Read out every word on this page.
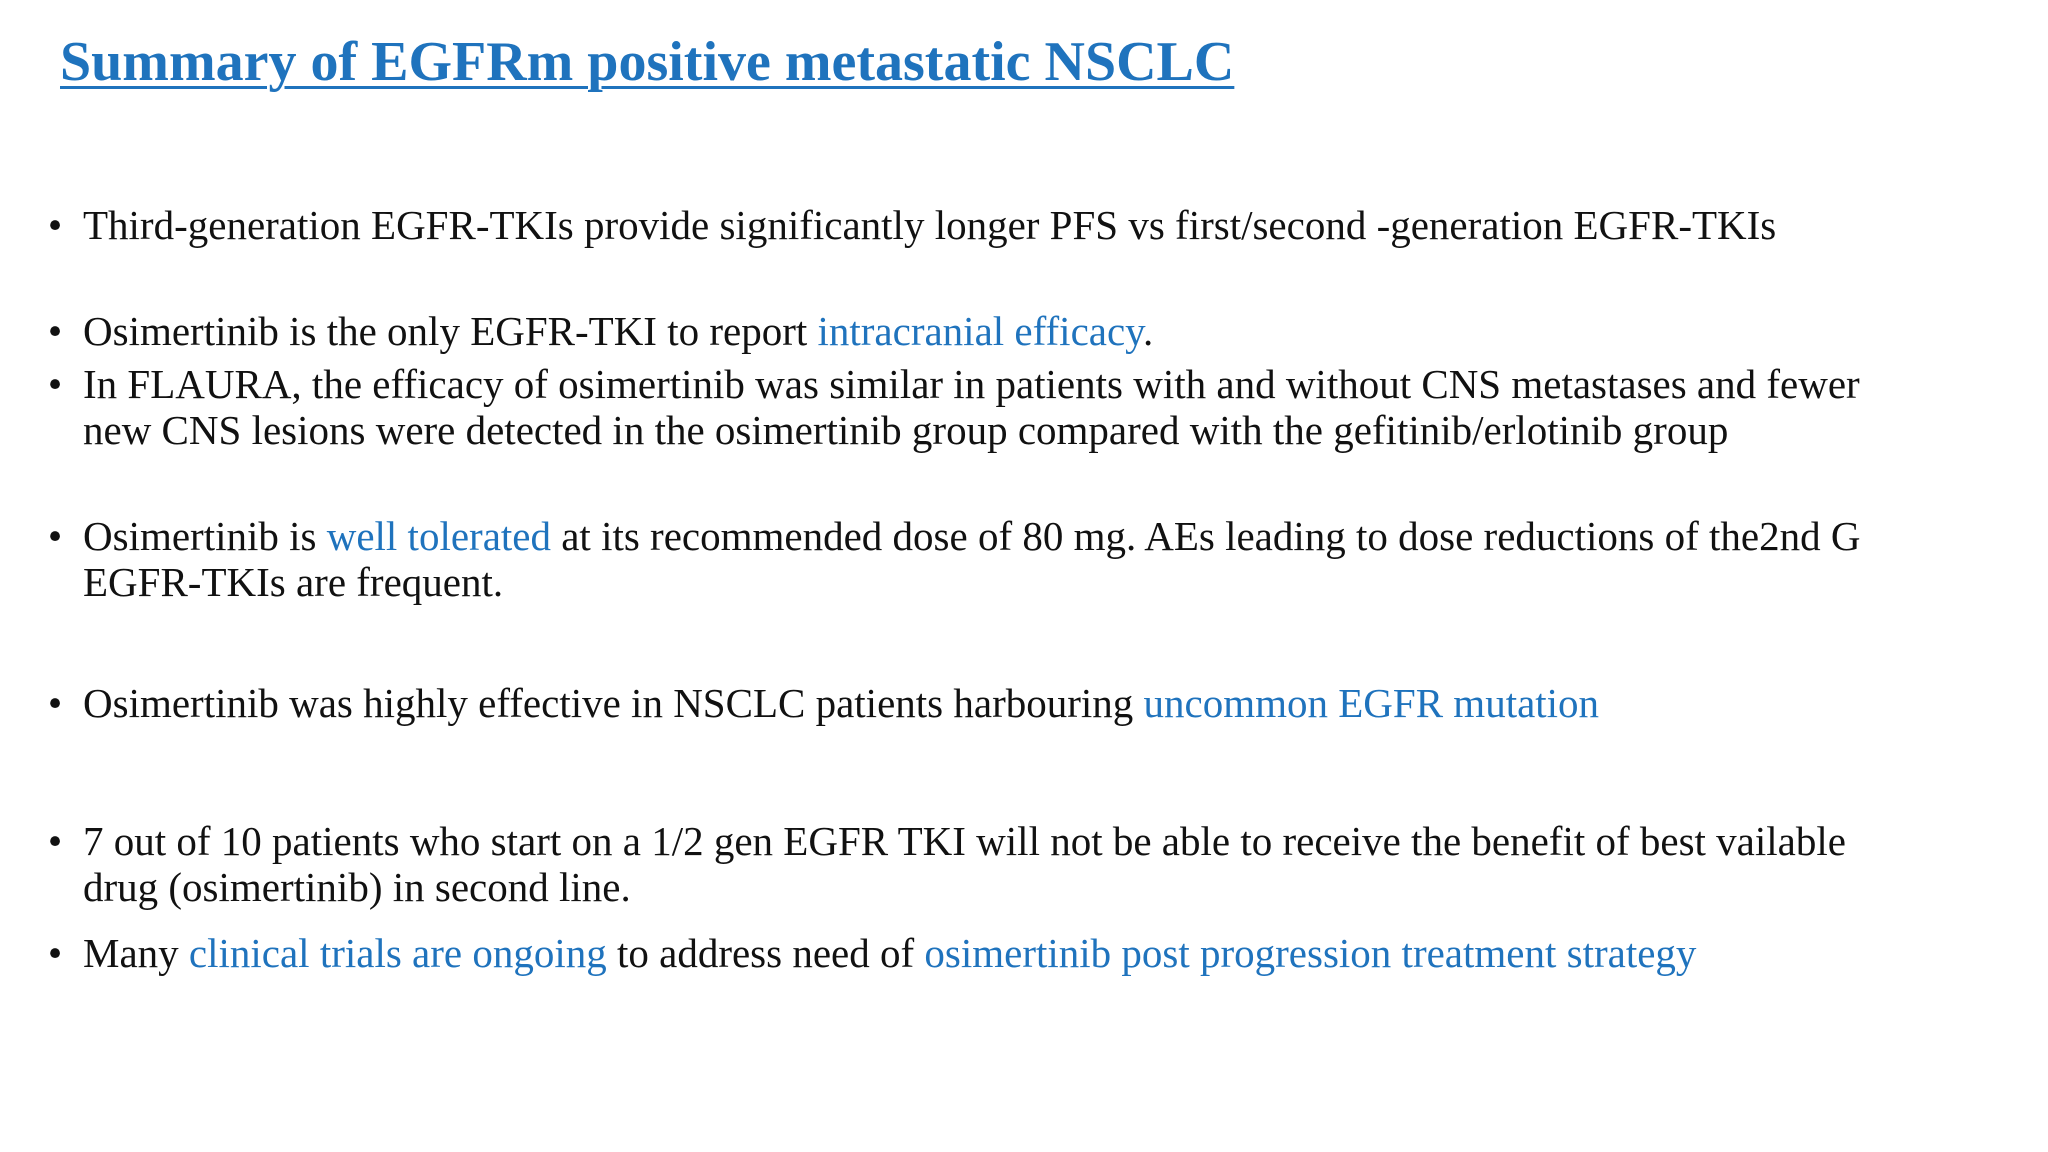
Summary of EGFRm positive metastatic NSCLC
• Third-generation EGFR-TKIs provide significantly longer PFS vs first/second -generation EGFR-TKIs
• Osimertinib is the only EGFR-TKI to report intracranial efficacy.
• In FLAURA, the efficacy of osimertinib was similar in patients with and without CNS metastases and fewer
new CNS lesions were detected in the osimertinib group compared with the gefitinib/erlotinib group
• Osimertinib is well tolerated at its recommended dose of 80 mg. AEs leading to dose reductions of the2nd G
EGFR-TKIs are frequent.
• Osimertinib was highly effective in NSCLC patients harbouring uncommon EGFR mutation
• 7 out of 10 patients who start on a 1/2 gen EGFR TKI will not be able to receive the benefit of best vailable
drug (osimertinib) in second line.
• Many clinical trials are ongoing to address need of osimertinib post progression treatment strategy
